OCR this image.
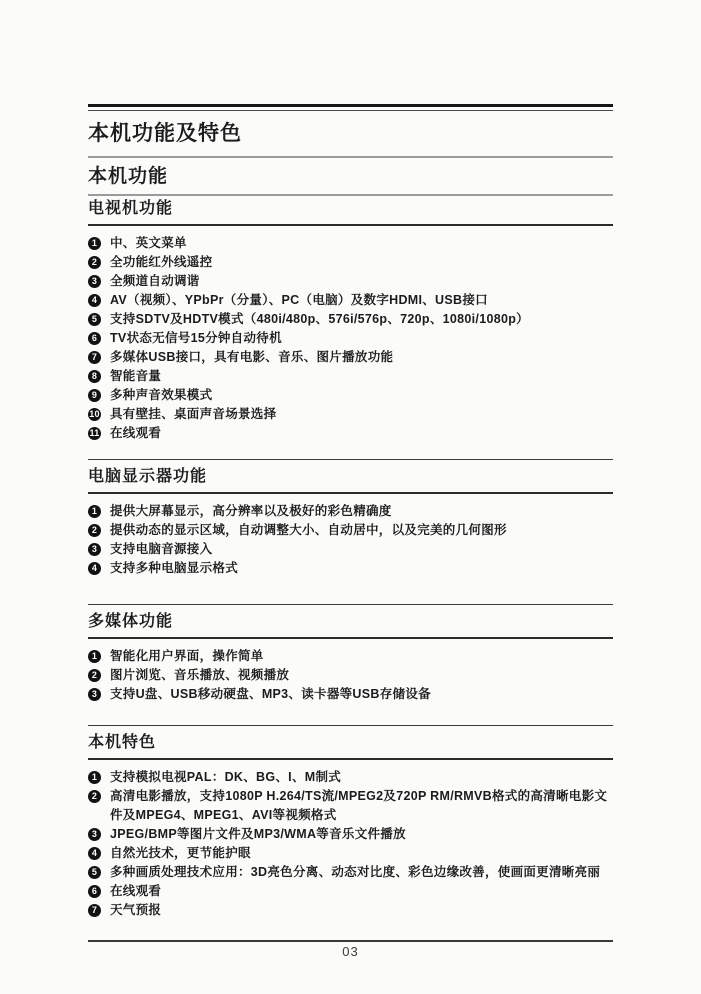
本机功能及特色
本机功能
电视机功能
1	中、英文菜单
2	全功能红外线遥控
3	全频道自动调谐
4	AV（视频）、YPbPr（分量）、PC（电脑）及数字HDMI、USB接口
5	支持SDTV及HDTV模式（480i/480p、576i/576p、720p、1080i/1080p）
6	TV状态无信号15分钟自动待机
7	多媒体USB接口，具有电影、音乐、图片播放功能
8	智能音量
9	多种声音效果模式
10 具有壁挂、桌面声音场景选择
11 在线观看
电脑显示器功能
1	提供大屏幕显示，高分辨率以及极好的彩色精确度
2	提供动态的显示区域，自动调整大小、自动居中，以及完美的几何图形
3	支持电脑音源接入
4	支持多种电脑显示格式
多媒体功能
1	智能化用户界面，操作简单
2	图片浏览、音乐播放、视频播放
3	支持U盘、USB移动硬盘、MP3、读卡器等USB存储设备
本机特色
1	支持模拟电视PAL：DK、BG、I、M制式
2	高清电影播放，支持1080P H.264/TS流/MPEG2及720P RM/RMVB格式的高清晰电影文件及MPEG4、MPEG1、AVI等视频格式
3	JPEG/BMP等图片文件及MP3/WMA等音乐文件播放
4	自然光技术，更节能护眼
5	多种画质处理技术应用：3D亮色分离、动态对比度、彩色边缘改善，使画面更清晰亮丽
6	在线观看
7	天气预报
03
